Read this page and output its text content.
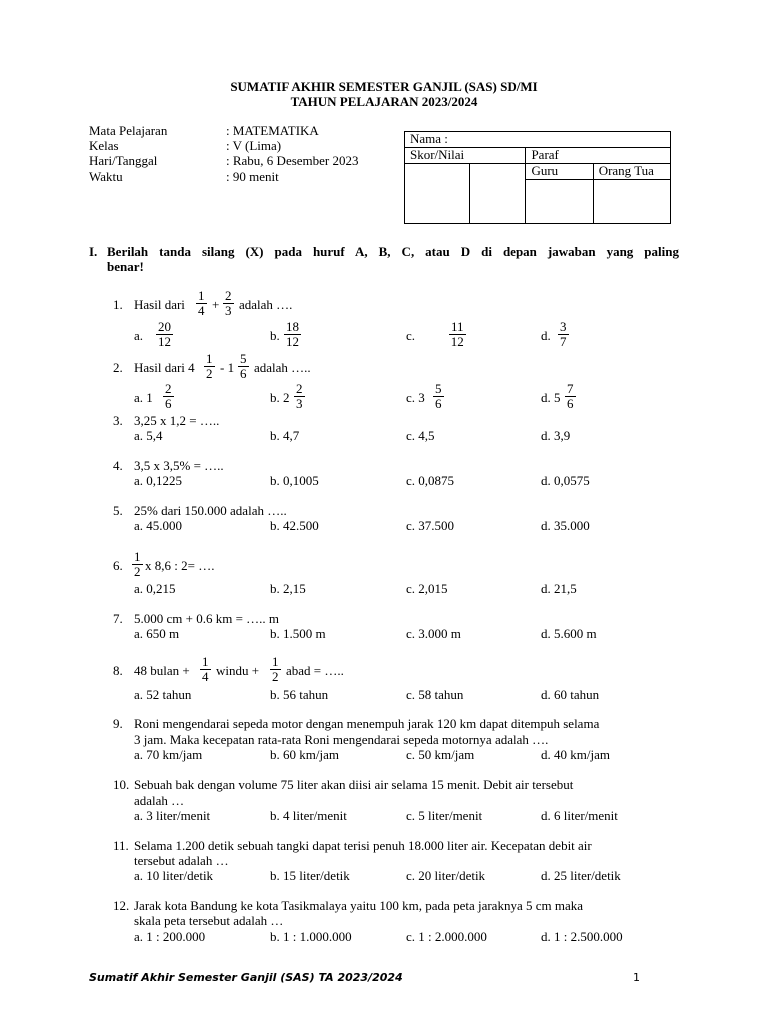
SUMATIF AKHIR SEMESTER GANJIL (SAS) SD/MI
TAHUN PELAJARAN 2023/2024
Mata Pelajaran	: MATEMATIKA
Kelas	: V (Lima)
Hari/Tanggal	: Rabu, 6 Desember 2023
Waktu	: 90 menit
Nama :			
Skor/Nilai		Paraf	
		Guru	Orang Tua

I. Berilah tanda silang (X) pada huruf A, B, C, atau D di depan jawaban yang paling
benar!
1. Hasil dari $\frac{1}{4} + \frac{2}{3}$ adalah ….
a. $\frac{20}{12}$	b. $\frac{18}{12}$	c.	$\frac{11}{12}$	d. $\frac{3}{7}$
2. Hasil dari $4 \frac{1}{2} - 1 \frac{5}{6}$ adalah …..
a. $1 \frac{2}{6}$	b. $2 \frac{2}{3}$	c. $3 \frac{5}{6}$	d. $5 \frac{7}{6}$
3. 3,25 x 1,2 = …..
a. 5,4	b. 4,7	c. 4,5	d. 3,9
4. 3,5 x 3,5% = …..
a. 0,1225	b. 0,1005	c. 0,0875	d. 0,0575
5. 25% dari 150.000 adalah …..
a. 45.000	b. 42.500	c. 37.500	d. 35.000
6. $\frac{1}{2}$ x 8,6 : 2= ….
a. 0,215	b. 2,15	c. 2,015	d. 21,5
7. 5.000 cm + 0.6 km = ….. m
a. 650 m	b. 1.500 m	c. 3.000 m	d. 5.600 m
8. 48 bulan + $\frac{1}{4}$ windu + $\frac{1}{2}$ abad = …..
a. 52 tahun	b. 56 tahun	c. 58 tahun	d. 60 tahun
9. Roni mengendarai sepeda motor dengan menempuh jarak 120 km dapat ditempuh selama
3 jam. Maka kecepatan rata-rata Roni mengendarai sepeda motornya adalah ….
a. 70 km/jam	b. 60 km/jam	c. 50 km/jam	d. 40 km/jam
10. Sebuah bak dengan volume 75 liter akan diisi air selama 15 menit. Debit air tersebut
adalah …
a. 3 liter/menit	b. 4 liter/menit	c. 5 liter/menit	d. 6 liter/menit
11. Selama 1.200 detik sebuah tangki dapat terisi penuh 18.000 liter air. Kecepatan debit air
tersebut adalah …
a. 10 liter/detik	b. 15 liter/detik	c. 20 liter/detik	d. 25 liter/detik
12. Jarak kota Bandung ke kota Tasikmalaya yaitu 100 km, pada peta jaraknya 5 cm maka
skala peta tersebut adalah …
a. 1 : 200.000	b. 1 : 1.000.000	c. 1 : 2.000.000	d. 1 : 2.500.000
Sumatif Akhir Semester Ganjil (SAS) TA 2023/2024	1
